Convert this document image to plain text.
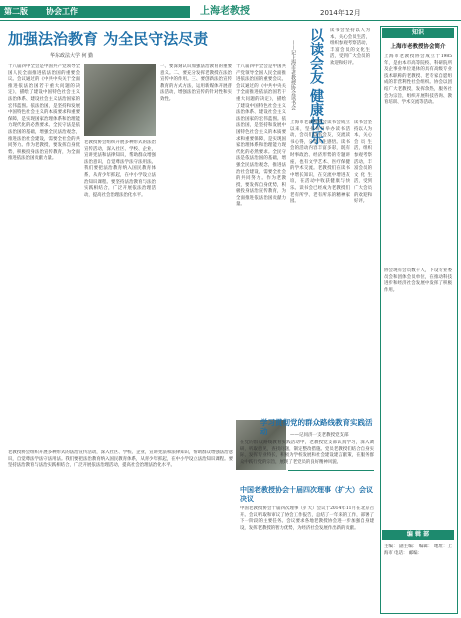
第二版 协会工作	上海老教授	2014年12月
加强法治教育 为全民守法尽责
华东政法大学 何 勤
十八届四中全会是中国共产党领导全国人民全面推进依法治国的重要会议。会议通过的《中共中央关于全面推进依法治国若干重大问题的决定》，描绘了建设中国特色社会主义法治体系、建设社会主义法治国家的宏伟蓝图。依法治国，是坚持和发展中国特色社会主义的本质要求和重要保障，是实现国家治理体系和治理能力现代化的必然要求。全民守法是依法治国的基础，增强全民法治观念，推进法治社会建设，需要全社会的共同努力。作为老教授，要发挥自身优势，积极投身法治宣传教育，为全面推进依法治国贡献力量。
老教授协会组织开展多种形式的法治宣传活动，深入社区、学校、企业，宣讲宪法和法律知识，帮助群众增强法治意识，自觉尊法学法守法用法。我们要把法治教育纳入国民教育体系，从青少年抓起，在中小学设立法治知识课程。要坚持法治教育与法治实践相结合，广泛开展依法治理活动，提高社会治理法治化水平。
一、要深刻认识加强法治教育的重要意义。二、要充分发挥老教授在法治宣传中的作用。三、要创新法治宣传教育的方式方法，运用新媒体开展普法活动，增强法治宣传的针对性和实效性。
十八届四中全会是中国共产党领导全国人民全面推进依法治国的重要会议。会议通过的《中共中央关于全面推进依法治国若干重大问题的决定》，描绘了建设中国特色社会主义法治体系、建设社会主义法治国家的宏伟蓝图。依法治国，是坚持和发展中国特色社会主义的本质要求和重要保障，是实现国家治理体系和治理能力现代化的必然要求。全民守法是依法治国的基础，增强全民法治观念，推进法治社会建设，需要全社会的共同努力。作为老教授，要发挥自身优势，积极投身法治宣传教育，为全面推进依法治国贡献力量。
以读会友 健康快乐
——记上海市老教授协会读书会
上海市老教授协会读书会成立以来，坚持每月举办读书活动，会员们以书会友，交流读书心得，分享人生感悟。读书会的活动内容丰富多彩，既有时事政治、经济形势的专题讲座，也有文学艺术、医疗保健的学术交流。老教授们在读书中增长知识，在交流中增进友谊，在活动中收获健康与快乐。读书会已经成为老教授们老有所学、老有所乐的精神家园。
读书会坚持以人为本，关心会员生活，组织参观考察活动，丰富会员的文化生活，受到广大会员的欢迎和好评。
读书会坚持以人为本，关心会员生活，组织参观考察活动，丰富会员的文化生活，受到广大会员的欢迎和好评。
学习贯彻党的群众路线教育实践活动	——记同济一支老教授党支部
在党的群众路线教育实践活动中，老教授党支部认真学习，深入调研，听取意见，查找问题，制定整改措施。党员老教授们结合自身实际，发挥专业特长，积极为学校发展和社会建设建言献策，在服务群众中践行党的宗旨，展现了老党员的良好精神风貌。
老教授协会组织开展多种形式的法治宣传活动，深入社区、学校、企业，宣讲宪法和法律知识，帮助群众增强法治意识，自觉尊法学法守法用法。我们要把法治教育纳入国民教育体系，从青少年抓起，在中小学设立法治知识课程。要坚持法治教育与法治实践相结合，广泛开展依法治理活动，提高社会治理法治化水平。
中国老教授协会十届四次理事（扩大）会议决议
中国老教授协会十届四次理事（扩大）会议于2014年11月在北京召开。会议听取和审议了协会工作报告，总结了一年来的工作，部署了下一阶段的主要任务。会议要求各地老教授协会进一步加强自身建设，发挥老教授的智力优势，为经济社会发展作出新的贡献。
知识
上海市老教授协会简介
上海市老教授协会成立于1985年，是由本市高等院校、科研院所及企事业单位退休的具有高级专业技术职称的老教授、老专家自愿组成的非营利性社会组织。协会以团结广大老教授，发挥余热，服务社会为宗旨，组织开展科技咨询、教育培训、学术交流等活动。
协会现有会员数千人，下设专业委员会和团体会员单位，在推动科技进步和经济社会发展中发挥了积极作用。
编 辑 部
主编： 副主编： 编辑： 地址：上海市 电话： 邮编：
